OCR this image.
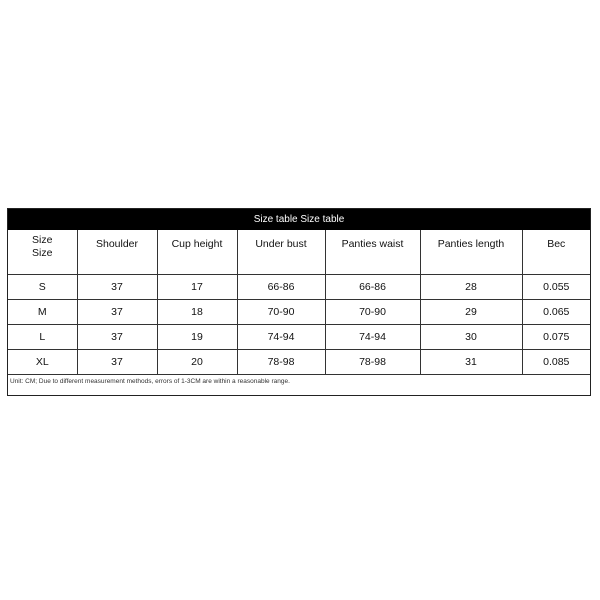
Size table Size table
Size
Size	Shoulder	Cup height	Under bust	Panties waist	Panties length	Bec
S	37	17	66-86	66-86	28	0.055
M	37	18	70-90	70-90	29	0.065
L	37	19	74-94	74-94	30	0.075
XL	37	20	78-98	78-98	31	0.085
Unit: CM; Due to different measurement methods, errors of 1-3CM are within a reasonable range.
